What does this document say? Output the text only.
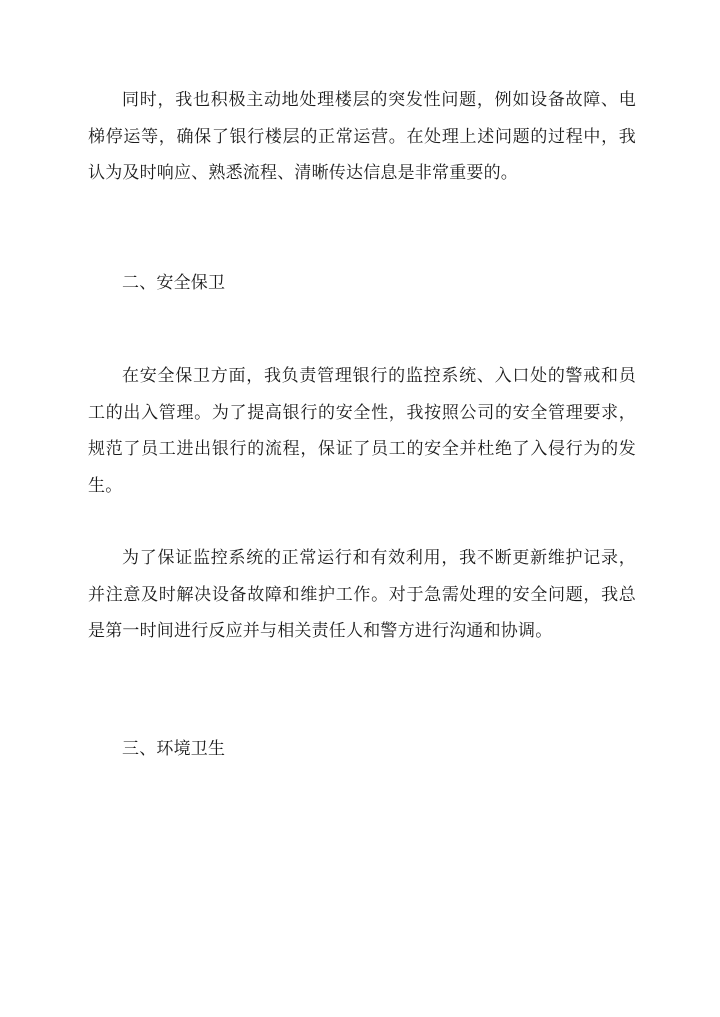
同时，我也积极主动地处理楼层的突发性问题，例如设备故障、电梯停运等，确保了银行楼层的正常运营。在处理上述问题的过程中，我认为及时响应、熟悉流程、清晰传达信息是非常重要的。

二、安全保卫

在安全保卫方面，我负责管理银行的监控系统、入口处的警戒和员工的出入管理。为了提高银行的安全性，我按照公司的安全管理要求，规范了员工进出银行的流程，保证了员工的安全并杜绝了入侵行为的发生。

为了保证监控系统的正常运行和有效利用，我不断更新维护记录，并注意及时解决设备故障和维护工作。对于急需处理的安全问题，我总是第一时间进行反应并与相关责任人和警方进行沟通和协调。

三、环境卫生
